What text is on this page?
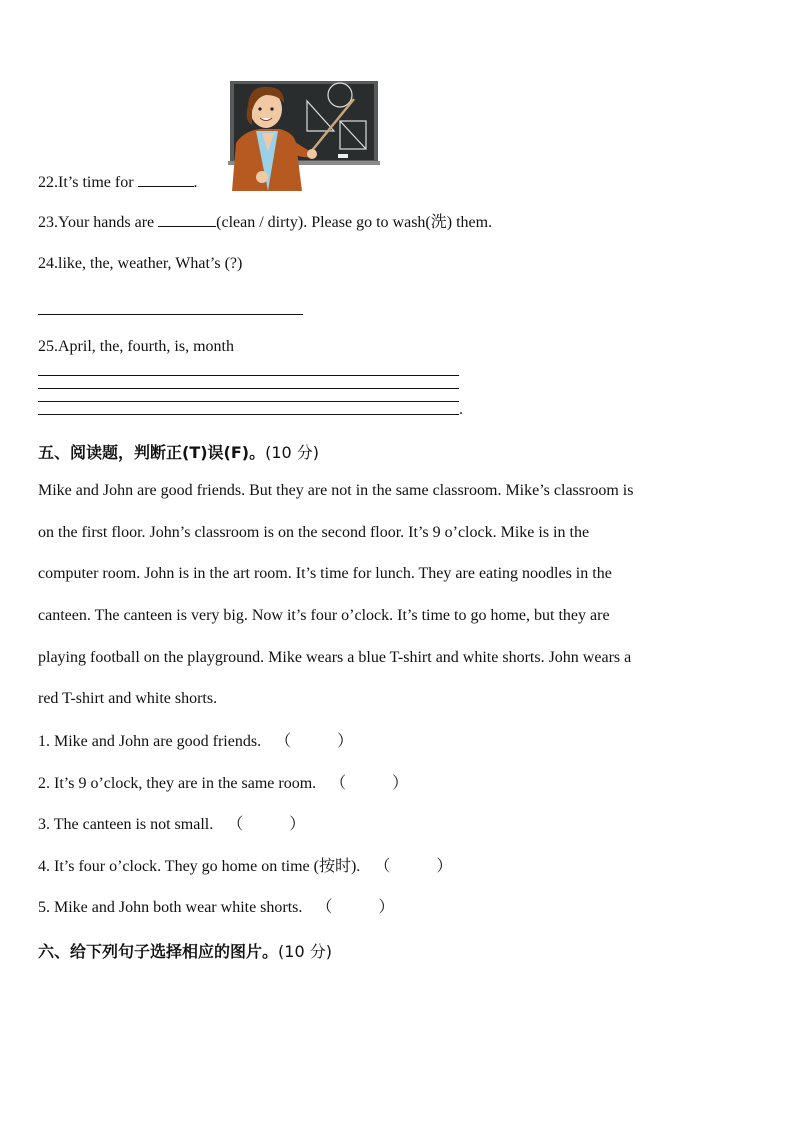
22.It’s time for	.
23.Your hands are	(clean / dirty). Please go to wash(洗) them.
24.like, the, weather, What’s (?)
25.April, the, fourth, is, month
.
五、阅读题，判断正(T)误(F)。(10 分)
Mike and John are good friends. But they are not in the same classroom. Mike’s classroom is
on the first floor. John’s classroom is on the second floor. It’s 9 o’clock. Mike is in the
computer room. John is in the art room. It’s time for lunch. They are eating noodles in the
canteen. The canteen is very big. Now it’s four o’clock. It’s time to go home, but they are
playing football on the playground. Mike wears a blue T-shirt and white shorts. John wears a
red T-shirt and white shorts.
1. Mike and John are good friends. （	）
2. It’s 9 o’clock, they are in the same room. （	）
3. The canteen is not small. （	）
4. It’s four o’clock. They go home on time (按时). （	）
5. Mike and John both wear white shorts. （	）
六、给下列句子选择相应的图片。(10 分)
